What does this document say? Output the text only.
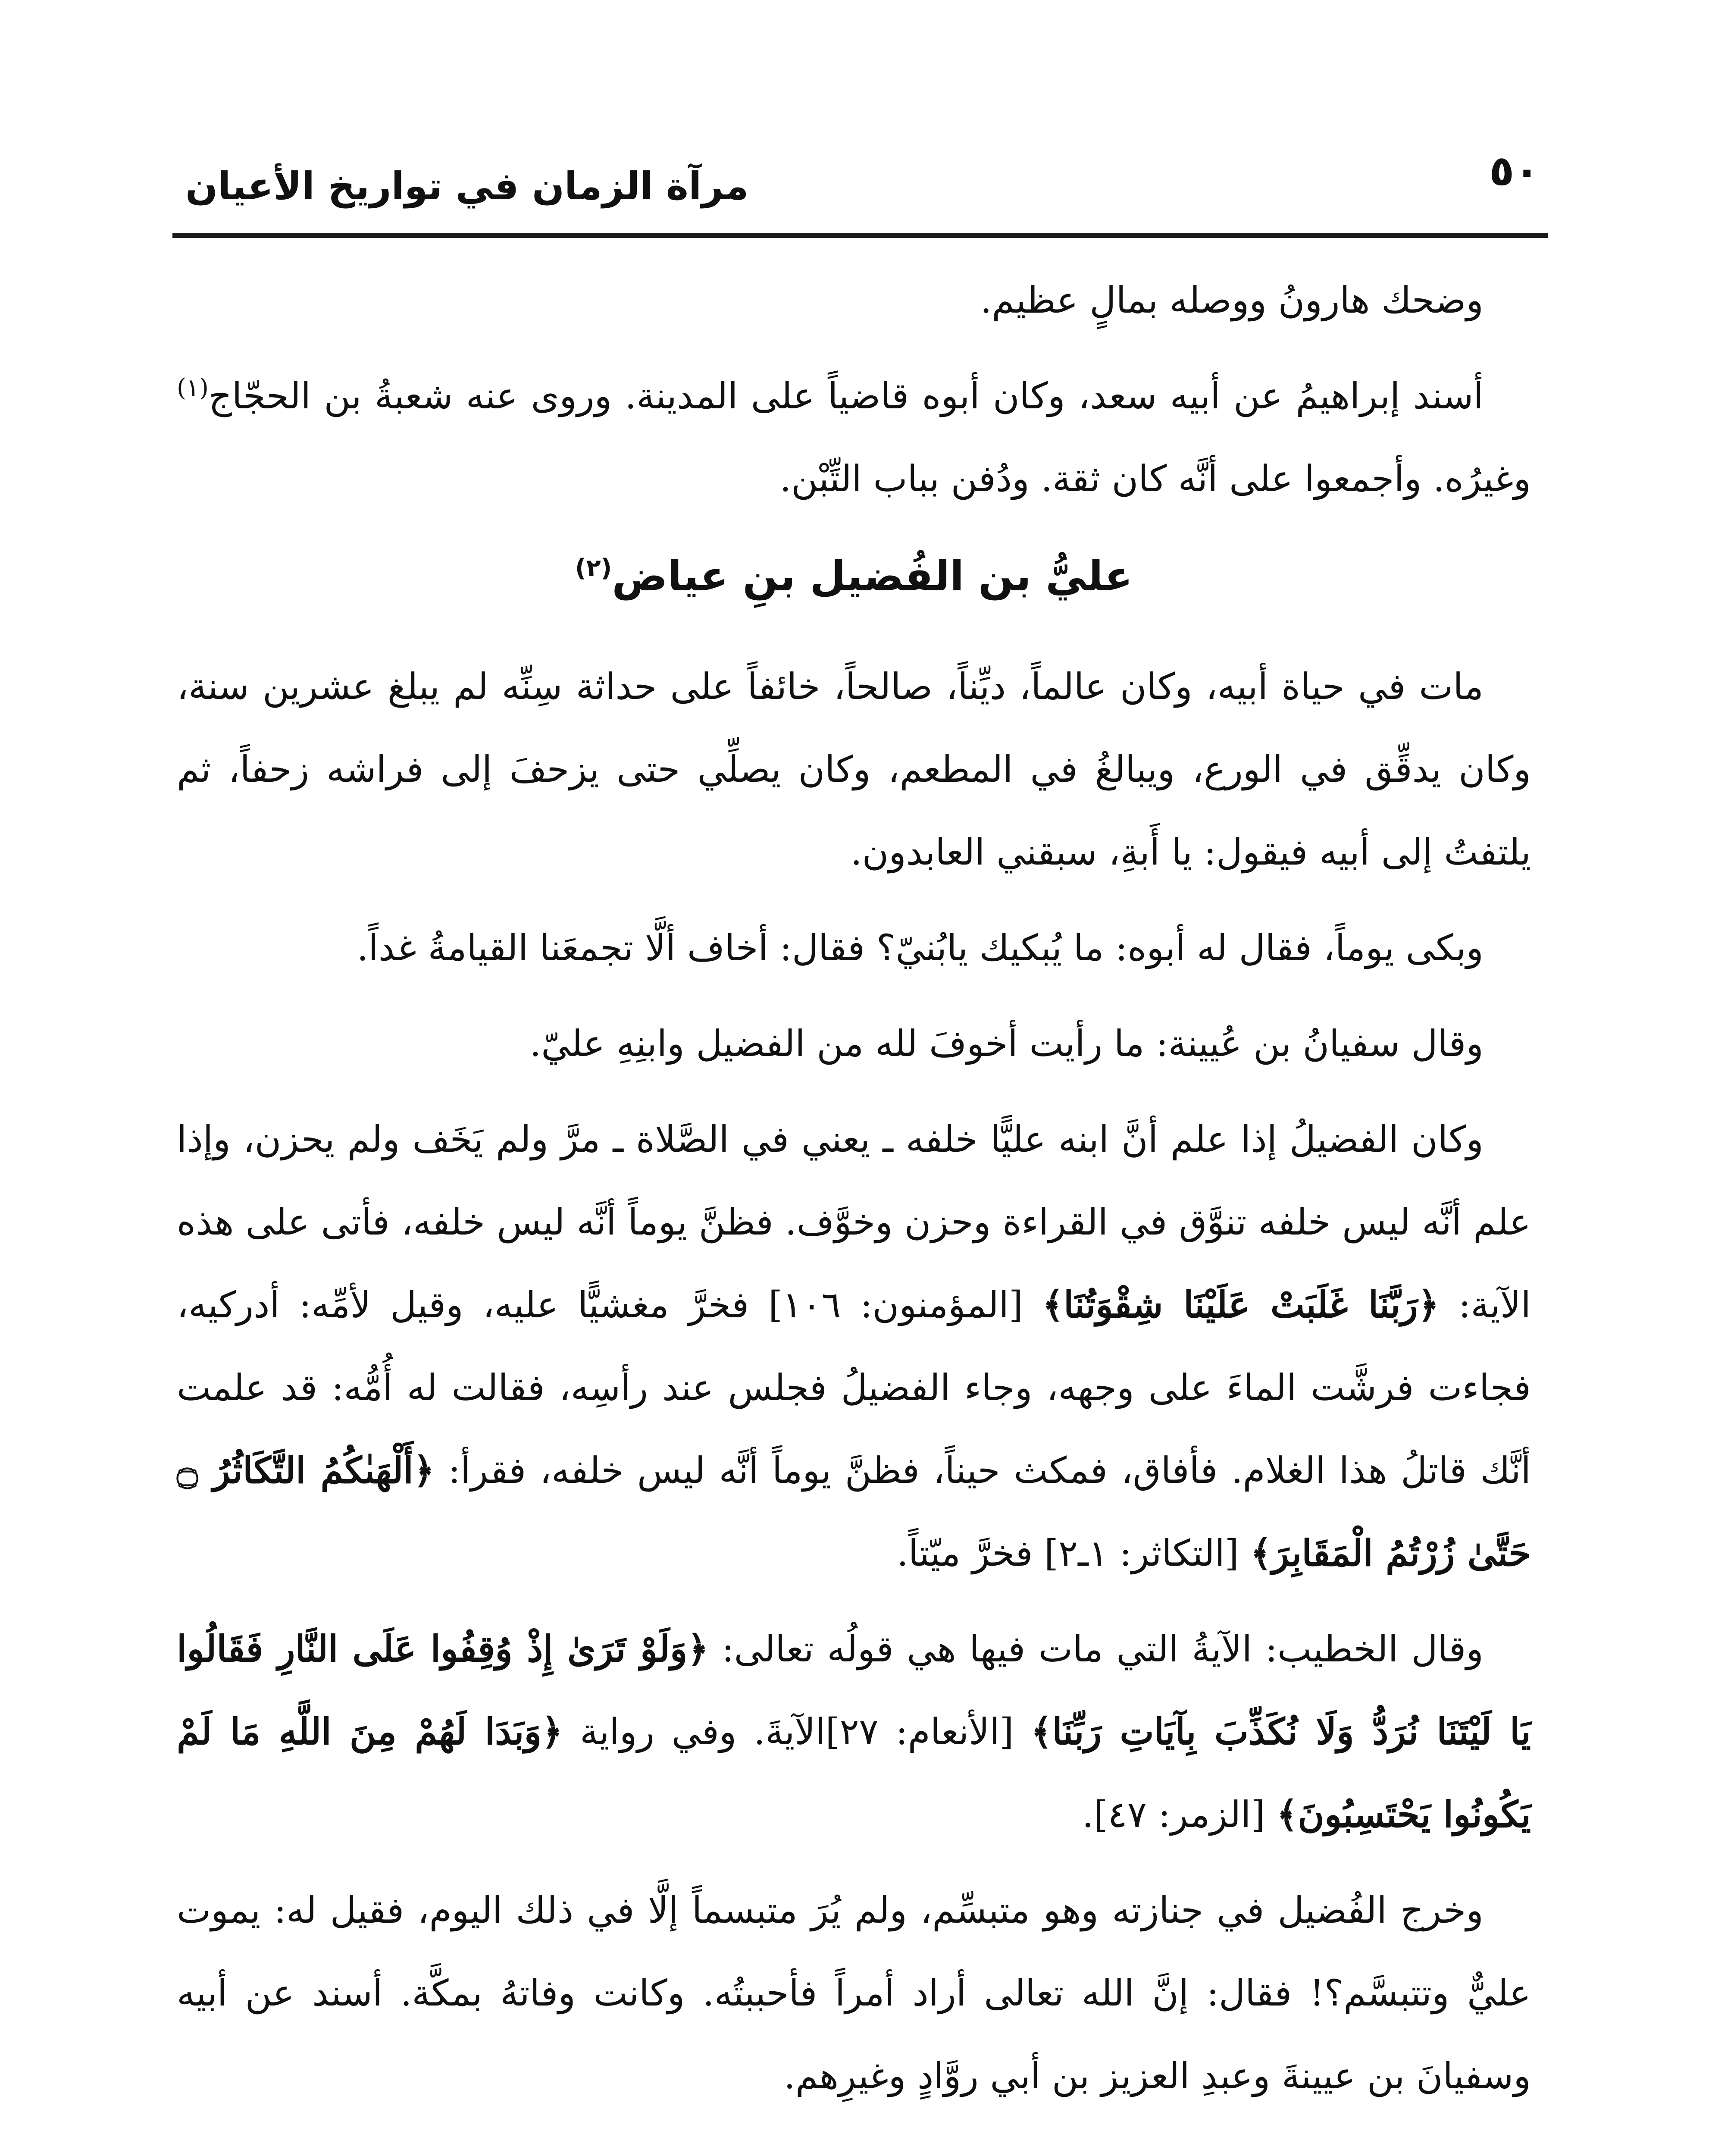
٥٠
مرآة الزمان في تواريخ الأعيان

وضحك هارونُ ووصله بمالٍ عظيم.

أسند إبراهيمُ عن أبيه سعد، وكان أبوه قاضياً على المدينة. وروى عنه شعبةُ بن الحجّاج$^{(١)}$ وغيرُه. وأجمعوا على أنَّه كان ثقة. ودُفن بباب التِّبْن.

عليُّ بن الفُضيل بنِ عياض$^{(٢)}$

مات في حياة أبيه، وكان عالماً، ديِّناً، صالحاً، خائفاً على حداثة سِنِّه لم يبلغ عشرين سنة، وكان يدقِّق في الورع، ويبالغُ في المطعم، وكان يصلِّي حتى يزحفَ إلى فراشه زحفاً، ثم يلتفتُ إلى أبيه فيقول: يا أَبةِ، سبقني العابدون.

وبكى يوماً، فقال له أبوه: ما يُبكيك يابُنيّ؟ فقال: أخاف ألَّا تجمعَنا القيامةُ غداً.

وقال سفيانُ بن عُيينة: ما رأيت أخوفَ لله من الفضيل وابنِهِ عليّ.

وكان الفضيلُ إذا علم أنَّ ابنه عليًّا خلفه ـ يعني في الصَّلاة ـ مرَّ ولم يَخَف ولم يحزن، وإذا علم أنَّه ليس خلفه تنوَّق في القراءة وحزن وخوَّف. فظنَّ يوماً أنَّه ليس خلفه، فأتى على هذه الآية: ﴿رَبَّنَا غَلَبَتْ عَلَيْنَا شِقْوَتُنَا﴾ [المؤمنون: ١٠٦] فخرَّ مغشيًّا عليه، وقيل لأمِّه: أدركيه، فجاءت فرشَّت الماءَ على وجهه، وجاء الفضيلُ فجلس عند رأسِه، فقالت له أُمُّه: قد علمت أنَّك قاتلُ هذا الغلام. فأفاق، فمكث حيناً، فظنَّ يوماً أنَّه ليس خلفه، فقرأ: ﴿أَلْهَىٰكُمُ التَّكَاثُرُ ۝ حَتَّىٰ زُرْتُمُ الْمَقَابِرَ﴾ [التكاثر: ١ـ٢] فخرَّ ميّتاً.

وقال الخطيب: الآيةُ التي مات فيها هي قولُه تعالى: ﴿وَلَوْ تَرَىٰ إِذْ وُقِفُوا عَلَى النَّارِ فَقَالُوا يَا لَيْتَنَا نُرَدُّ وَلَا نُكَذِّبَ بِآيَاتِ رَبِّنَا﴾ [الأنعام: ٢٧]الآيةَ. وفي رواية ﴿وَبَدَا لَهُمْ مِنَ اللَّهِ مَا لَمْ يَكُونُوا يَحْتَسِبُونَ﴾ [الزمر: ٤٧].

وخرج الفُضيل في جنازته وهو متبسِّم، ولم يُرَ متبسماً إلَّا في ذلك اليوم، فقيل له: يموت عليٌّ وتتبسَّم؟! فقال: إنَّ الله تعالى أراد أمراً فأحببتُه. وكانت وفاتهُ بمكَّة. أسند عن أبيه وسفيانَ بن عيينةَ وعبدِ العزيز بن أبي روَّادٍ وغيرِهم.
